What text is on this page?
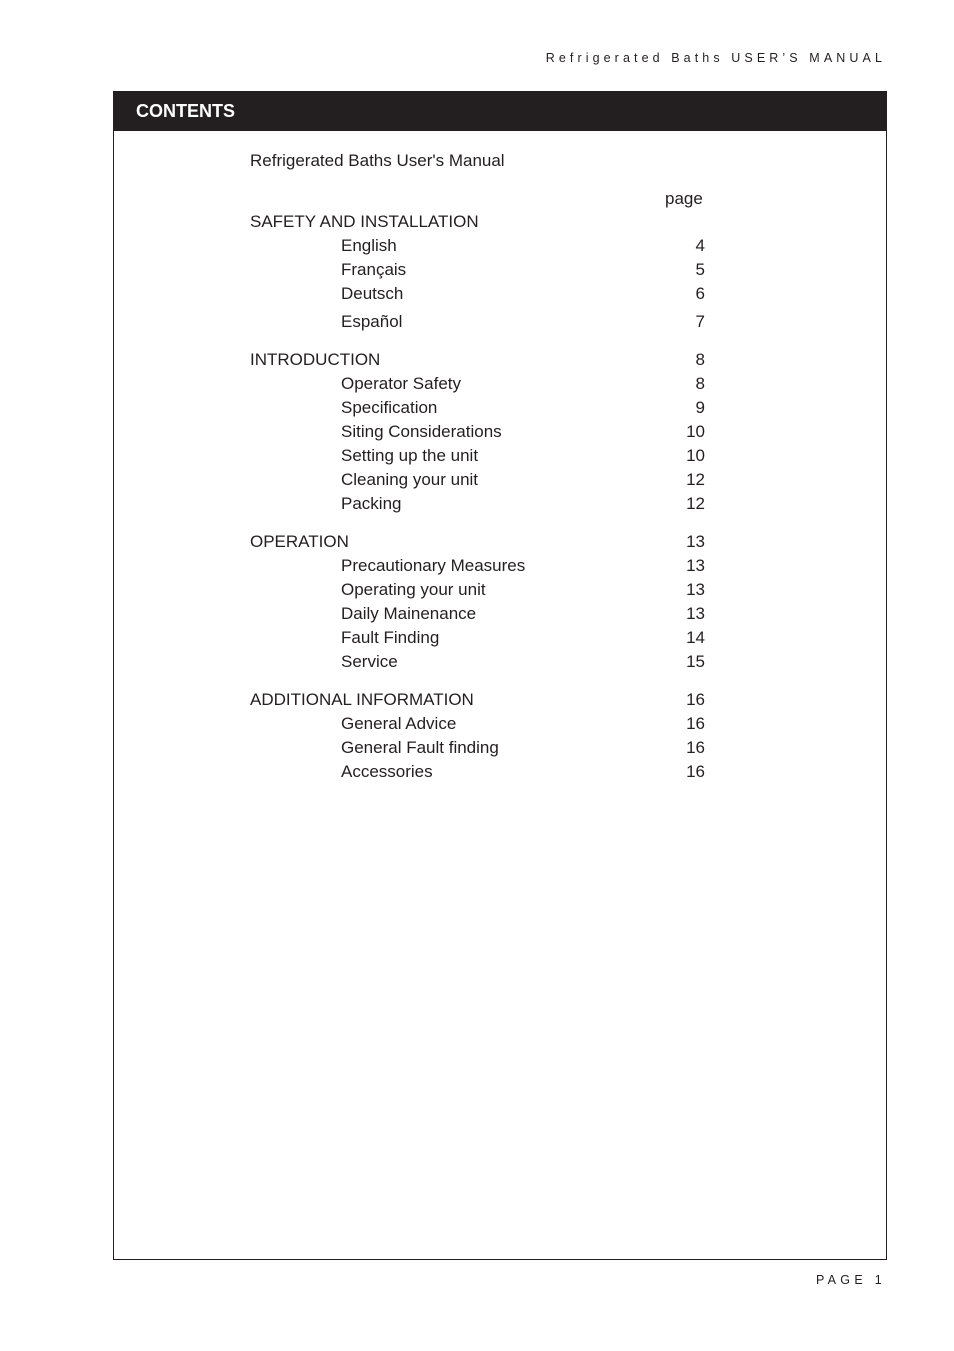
Refrigerated Baths USER’S MANUAL
CONTENTS
Refrigerated Baths User's Manual
page
SAFETY AND INSTALLATION
English	4
Français	5
Deutsch	6
Español	7
INTRODUCTION	8
Operator Safety	8
Specification	9
Siting Considerations	10
Setting up the unit	10
Cleaning your unit	12
Packing	12
OPERATION	13
Precautionary Measures	13
Operating your unit	13
Daily Mainenance	13
Fault Finding	14
Service	15
ADDITIONAL INFORMATION	16
General Advice	16
General Fault finding	16
Accessories	16
PAGE 1
